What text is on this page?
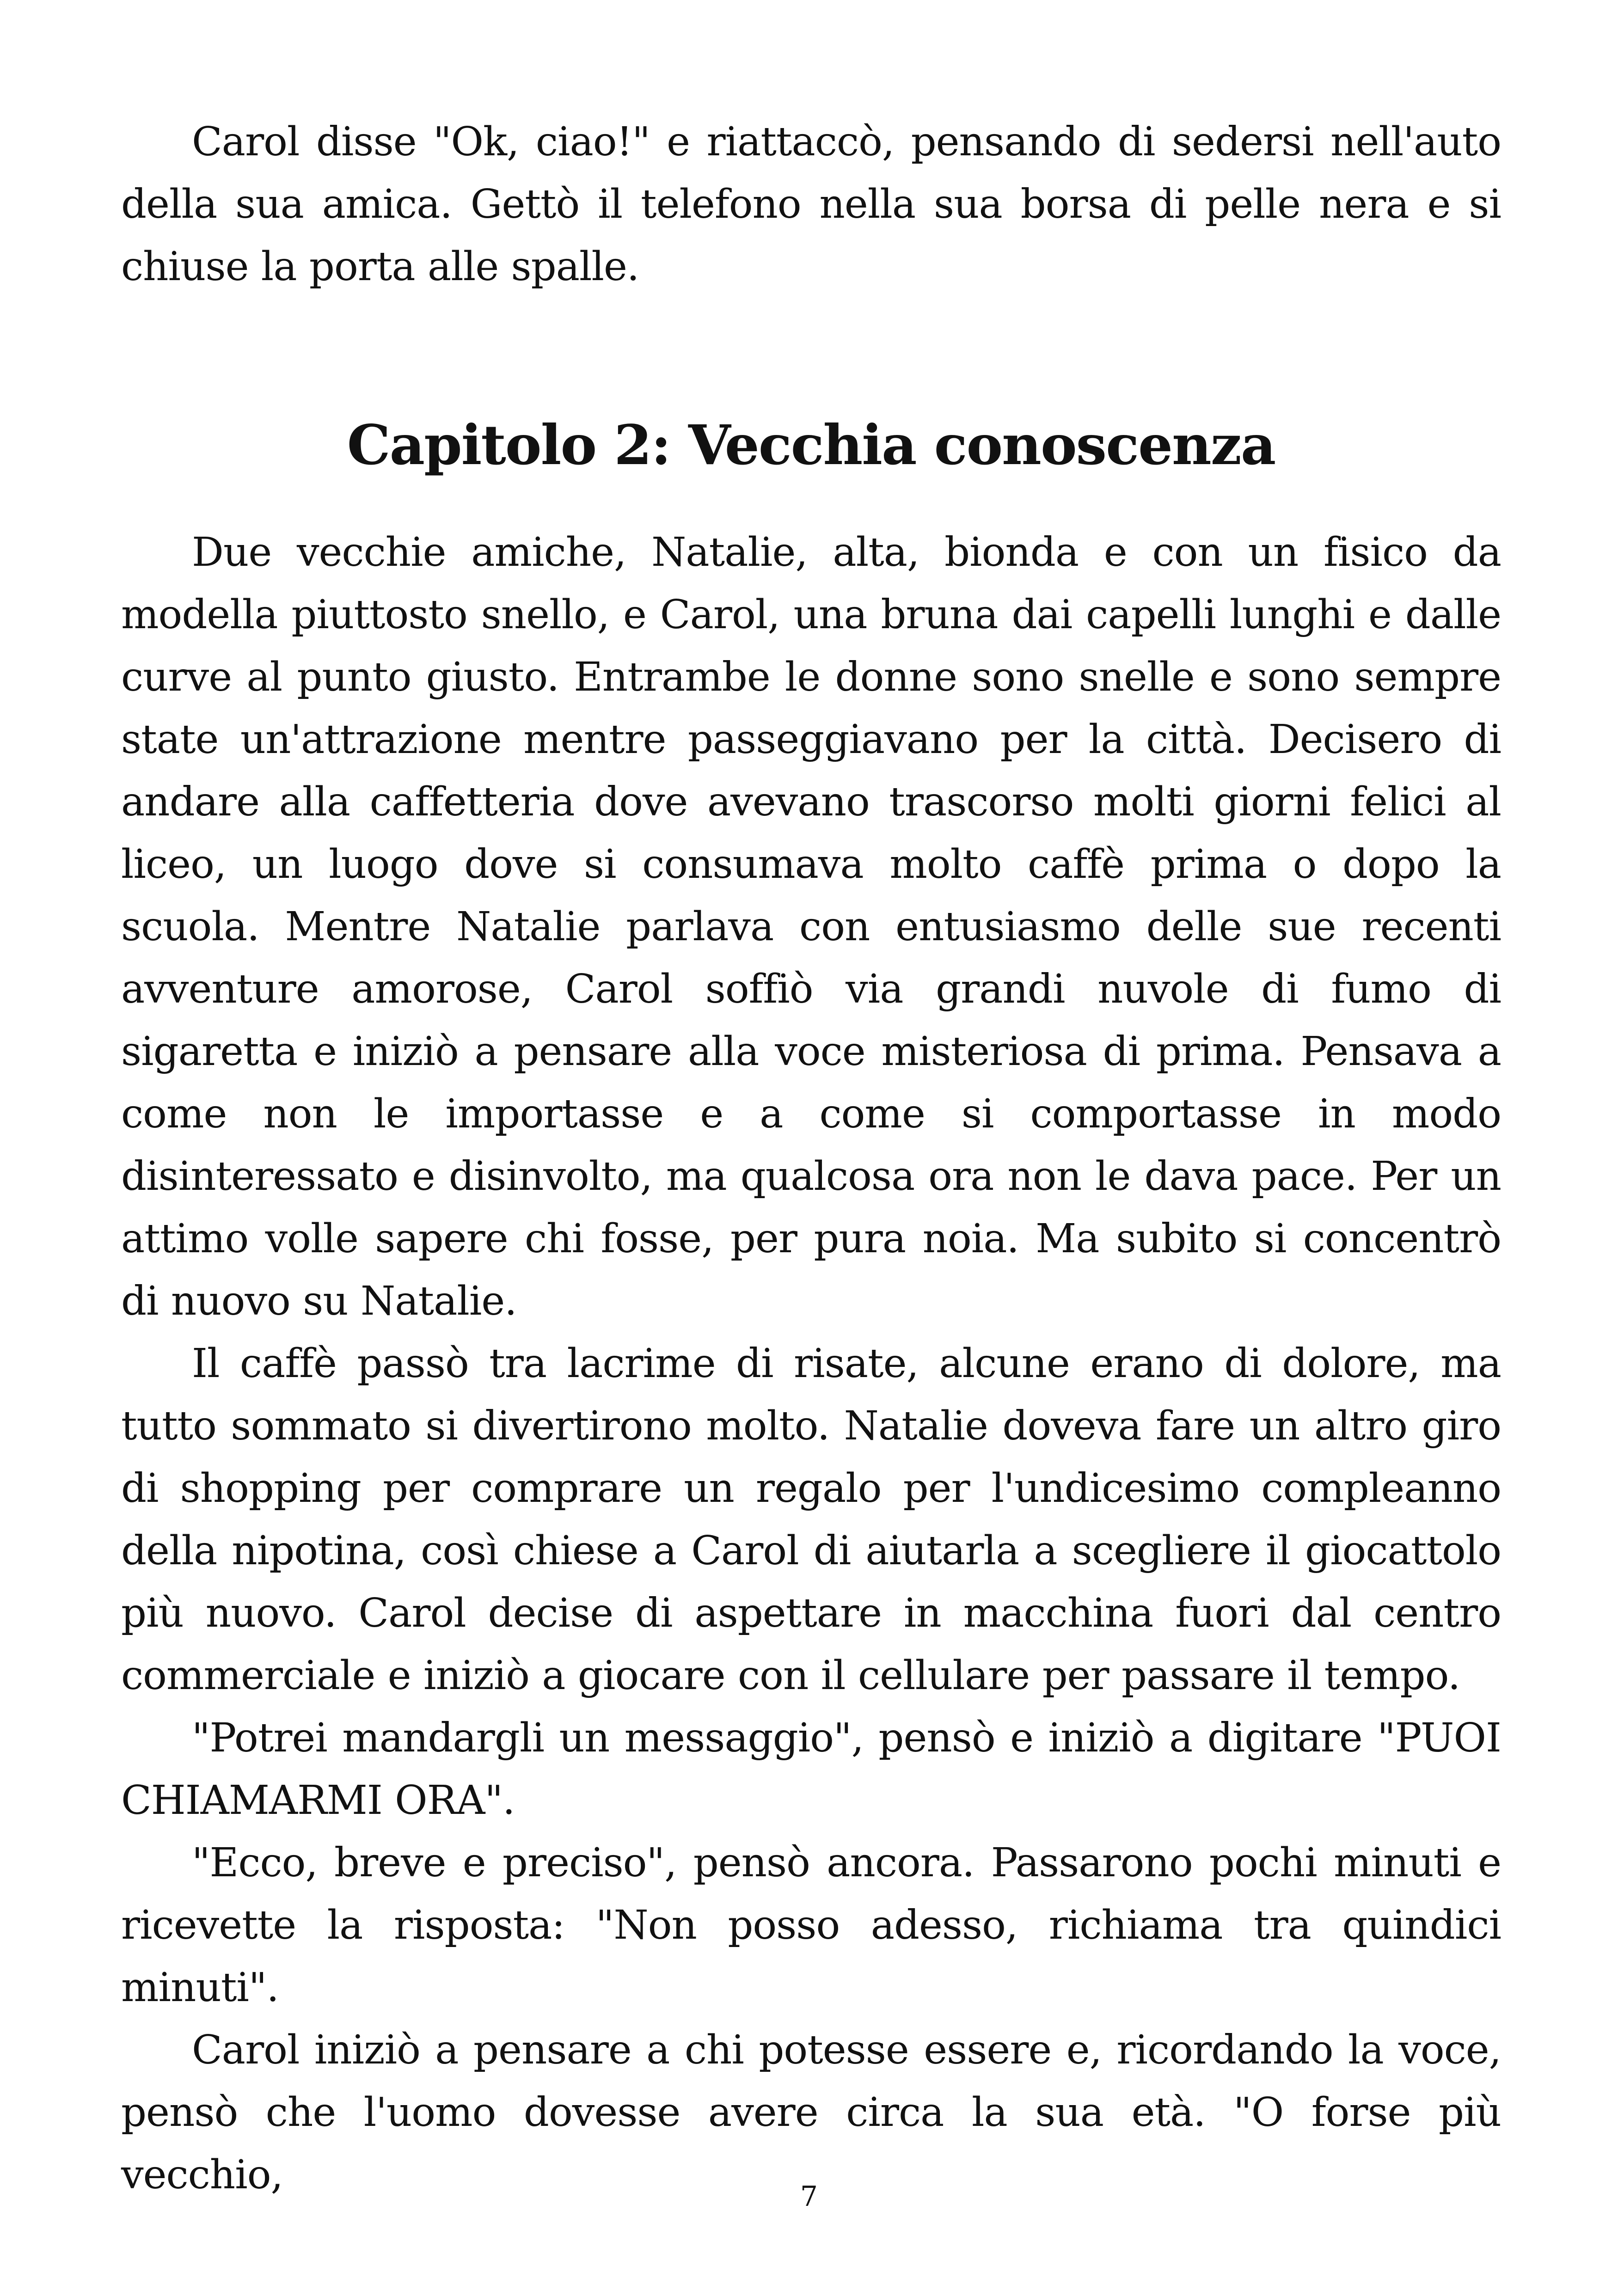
Carol disse "Ok, ciao!" e riattaccò, pensando di sedersi nell'auto della sua amica. Gettò il telefono nella sua borsa di pelle nera e si chiuse la porta alle spalle.

Capitolo 2: Vecchia conoscenza

Due vecchie amiche, Natalie, alta, bionda e con un fisico da modella piuttosto snello, e Carol, una bruna dai capelli lunghi e dalle curve al punto giusto. Entrambe le donne sono snelle e sono sempre state un'attrazione mentre passeggiavano per la città. Decisero di andare alla caffetteria dove avevano trascorso molti giorni felici al liceo, un luogo dove si consumava molto caffè prima o dopo la scuola. Mentre Natalie parlava con entusiasmo delle sue recenti avventure amorose, Carol soffiò via grandi nuvole di fumo di sigaretta e iniziò a pensare alla voce misteriosa di prima. Pensava a come non le importasse e a come si comportasse in modo disinteressato e disinvolto, ma qualcosa ora non le dava pace. Per un attimo volle sapere chi fosse, per pura noia. Ma subito si concentrò di nuovo su Natalie.

Il caffè passò tra lacrime di risate, alcune erano di dolore, ma tutto sommato si divertirono molto. Natalie doveva fare un altro giro di shopping per comprare un regalo per l'undicesimo compleanno della nipotina, così chiese a Carol di aiutarla a scegliere il giocattolo più nuovo. Carol decise di aspettare in macchina fuori dal centro commerciale e iniziò a giocare con il cellulare per passare il tempo.

"Potrei mandargli un messaggio", pensò e iniziò a digitare "PUOI CHIAMARMI ORA".

"Ecco, breve e preciso", pensò ancora. Passarono pochi minuti e ricevette la risposta: "Non posso adesso, richiama tra quindici minuti".

Carol iniziò a pensare a chi potesse essere e, ricordando la voce, pensò che l'uomo dovesse avere circa la sua età. "O forse più vecchio,	7
